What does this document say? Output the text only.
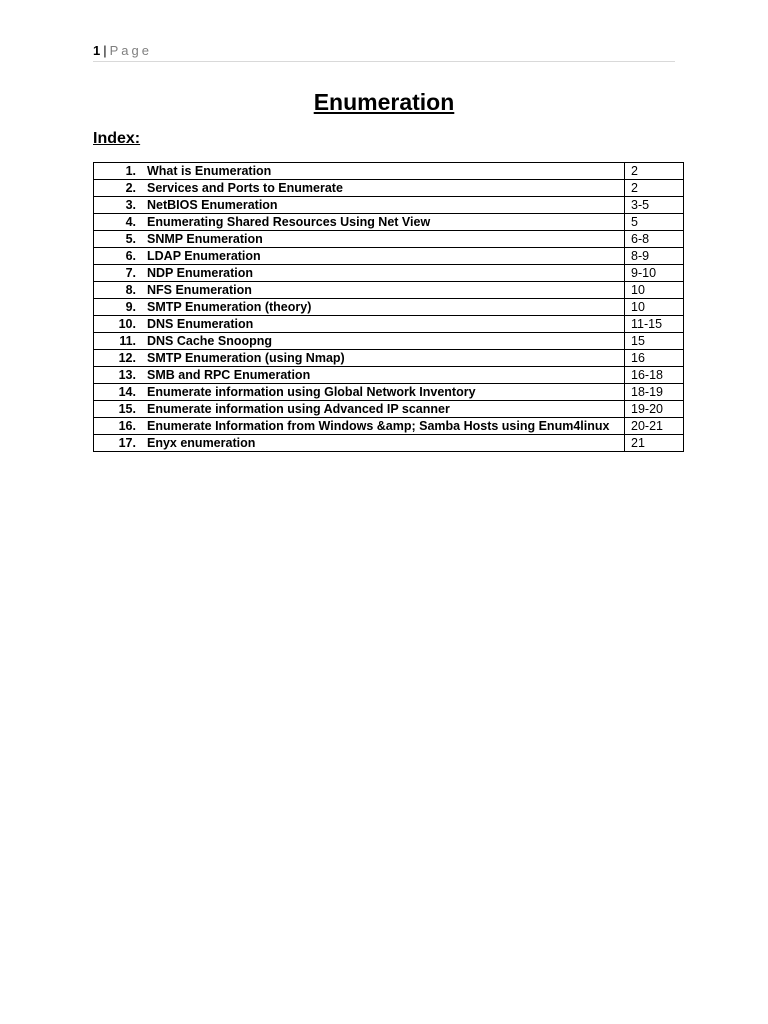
1 | Page
Enumeration
Index:
1. What is Enumeration	2
2. Services and Ports to Enumerate	2
3. NetBIOS Enumeration	3-5
4. Enumerating Shared Resources Using Net View	5
5. SNMP Enumeration	6-8
6. LDAP Enumeration	8-9
7. NDP Enumeration	9-10
8. NFS Enumeration	10
9. SMTP Enumeration (theory)	10
10. DNS Enumeration	11-15
11. DNS Cache Snoopng	15
12. SMTP Enumeration (using Nmap)	16
13. SMB and RPC Enumeration	16-18
14. Enumerate information using Global Network Inventory	18-19
15. Enumerate information using Advanced IP scanner	19-20
16. Enumerate Information from Windows &amp; Samba Hosts using Enum4linux	20-21
17. Enyx enumeration	21
